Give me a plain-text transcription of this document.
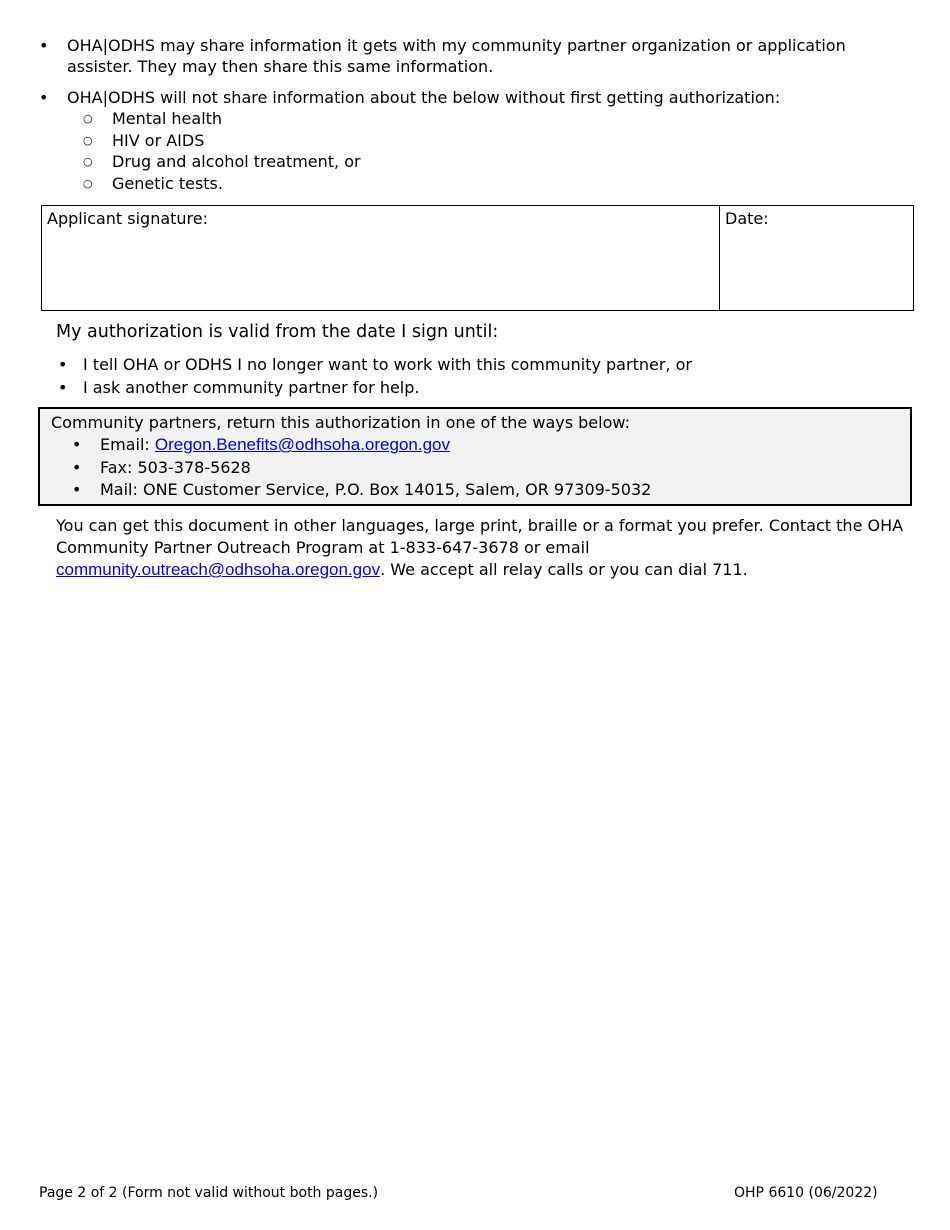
• OHA|ODHS may share information it gets with my community partner organization or application assister. They may then share this same information.
• OHA|ODHS will not share information about the below without first getting authorization:
○ Mental health
○ HIV or AIDS
○ Drug and alcohol treatment, or
○ Genetic tests.
Applicant signature:	Date:
My authorization is valid from the date I sign until:
• I tell OHA or ODHS I no longer want to work with this community partner, or
• I ask another community partner for help.
Community partners, return this authorization in one of the ways below:
• Email: Oregon.Benefits@odhsoha.oregon.gov
• Fax: 503-378-5628
• Mail: ONE Customer Service, P.O. Box 14015, Salem, OR 97309-5032
You can get this document in other languages, large print, braille or a format you prefer. Contact the OHA Community Partner Outreach Program at 1-833-647-3678 or email community.outreach@odhsoha.oregon.gov. We accept all relay calls or you can dial 711.
Page 2 of 2 (Form not valid without both pages.)	OHP 6610 (06/2022)
